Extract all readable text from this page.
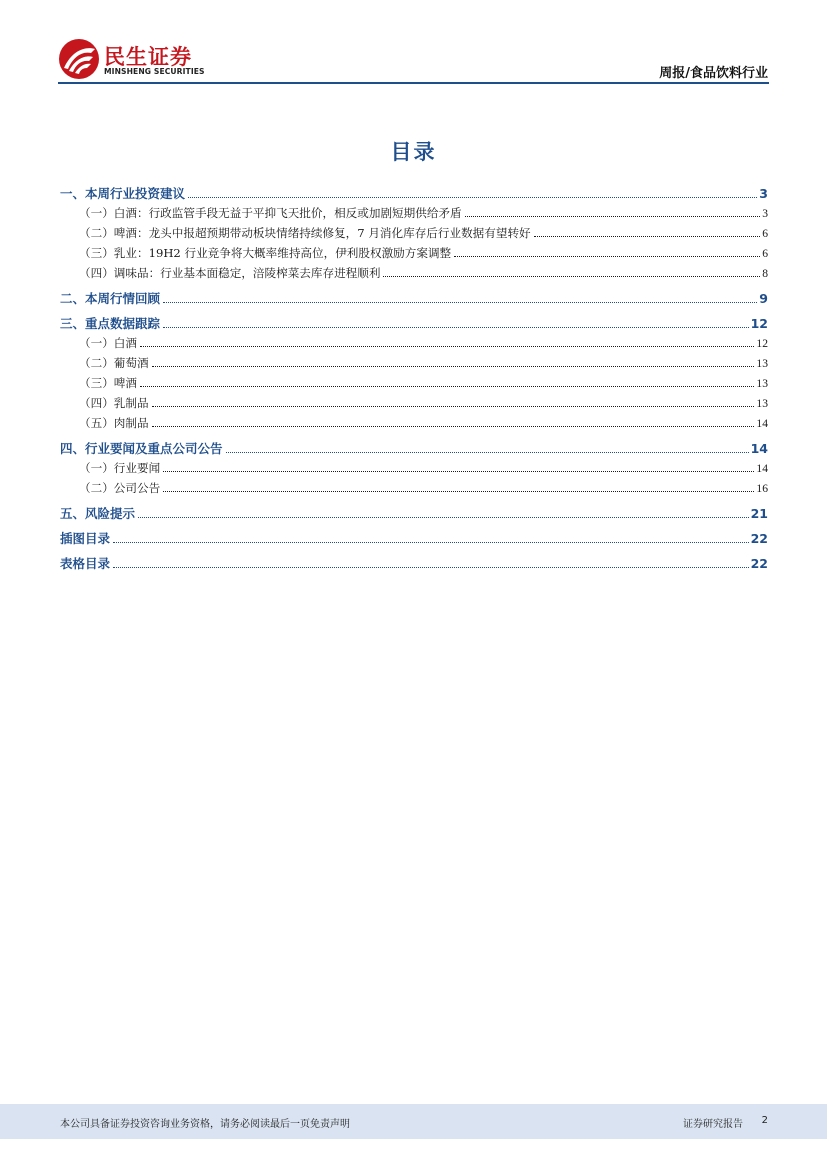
民生证券
MINSHENG SECURITIES	周报/食品饮料行业
目录
一、本周行业投资建议	3
（一）白酒：行政监管手段无益于平抑飞天批价，相反或加剧短期供给矛盾	3
（二）啤酒：龙头中报超预期带动板块情绪持续修复，7 月消化库存后行业数据有望转好	6
（三）乳业：19H2 行业竞争将大概率维持高位，伊利股权激励方案调整	6
（四）调味品：行业基本面稳定，涪陵榨菜去库存进程顺利	8
二、本周行情回顾	9
三、重点数据跟踪	12
（一）白酒	12
（二）葡萄酒	13
（三）啤酒	13
（四）乳制品	13
（五）肉制品	14
四、行业要闻及重点公司公告	14
（一）行业要闻	14
（二）公司公告	16
五、风险提示	21
插图目录	22
表格目录	22
本公司具备证券投资咨询业务资格，请务必阅读最后一页免责声明	证券研究报告 2
